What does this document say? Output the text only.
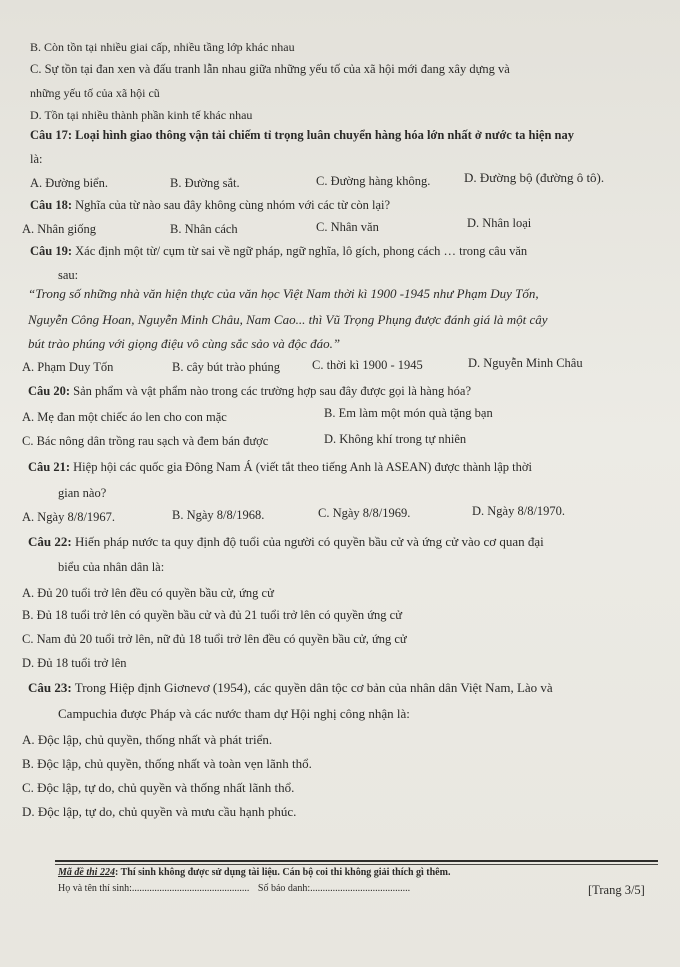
B. Còn tồn tại nhiều giai cấp, nhiều tầng lớp khác nhau
C. Sự tồn tại đan xen và đấu tranh lẫn nhau giữa những yếu tố của xã hội mới đang xây dựng và
những yếu tố của xã hội cũ
D. Tồn tại nhiều thành phần kinh tế khác nhau
Câu 17: Loại hình giao thông vận tải chiếm tỉ trọng luân chuyển hàng hóa lớn nhất ở nước ta hiện nay
là:
A. Đường biển.	B. Đường sắt.	C. Đường hàng không.	D. Đường bộ (đường ô tô).
Câu 18: Nghĩa của từ nào sau đây không cùng nhóm với các từ còn lại?
A. Nhân giống	B. Nhân cách	C. Nhân văn	D. Nhân loại
Câu 19: Xác định một từ/ cụm từ sai về ngữ pháp, ngữ nghĩa, lô gích, phong cách … trong câu văn
sau:
“Trong số những nhà văn hiện thực của văn học Việt Nam thời kì 1900 -1945 như Phạm Duy Tốn,
Nguyễn Công Hoan, Nguyễn Minh Châu, Nam Cao... thì Vũ Trọng Phụng được đánh giá là một cây
bút trào phúng với giọng điệu vô cùng sắc sảo và độc đáo.”
A. Phạm Duy Tốn	B. cây bút trào phúng	C. thời kì 1900 - 1945	D. Nguyễn Minh Châu
Câu 20: Sản phẩm và vật phẩm nào trong các trường hợp sau đây được gọi là hàng hóa?
A. Mẹ đan một chiếc áo len cho con mặc	B. Em làm một món quà tặng bạn
C. Bác nông dân trồng rau sạch và đem bán được	D. Không khí trong tự nhiên
Câu 21: Hiệp hội các quốc gia Đông Nam Á (viết tắt theo tiếng Anh là ASEAN) được thành lập thời
gian nào?
A. Ngày 8/8/1967.	B. Ngày 8/8/1968.	C. Ngày 8/8/1969.	D. Ngày 8/8/1970.
Câu 22: Hiến pháp nước ta quy định độ tuổi của người có quyền bầu cử và ứng cử vào cơ quan đại
biểu của nhân dân là:
A. Đủ 20 tuổi trở lên đều có quyền bầu cử, ứng cử
B. Đủ 18 tuổi trở lên có quyền bầu cử và đủ 21 tuổi trở lên có quyền ứng cử
C. Nam đủ 20 tuổi trở lên, nữ đủ 18 tuổi trở lên đều có quyền bầu cử, ứng cử
D. Đủ 18 tuổi trở lên
Câu 23: Trong Hiệp định Giơnevơ (1954), các quyền dân tộc cơ bản của nhân dân Việt Nam, Lào và
Campuchia được Pháp và các nước tham dự Hội nghị công nhận là:
A. Độc lập, chủ quyền, thống nhất và phát triển.
B. Độc lập, chủ quyền, thống nhất và toàn vẹn lãnh thổ.
C. Độc lập, tự do, chủ quyền và thống nhất lãnh thổ.
D. Độc lập, tự do, chủ quyền và mưu cầu hạnh phúc.
Mã đề thi 224: Thí sinh không được sử dụng tài liệu. Cán bộ coi thi không giải thích gì thêm.
Họ và tên thí sinh:............................................... Số báo danh:........................................	[Trang 3/5]
